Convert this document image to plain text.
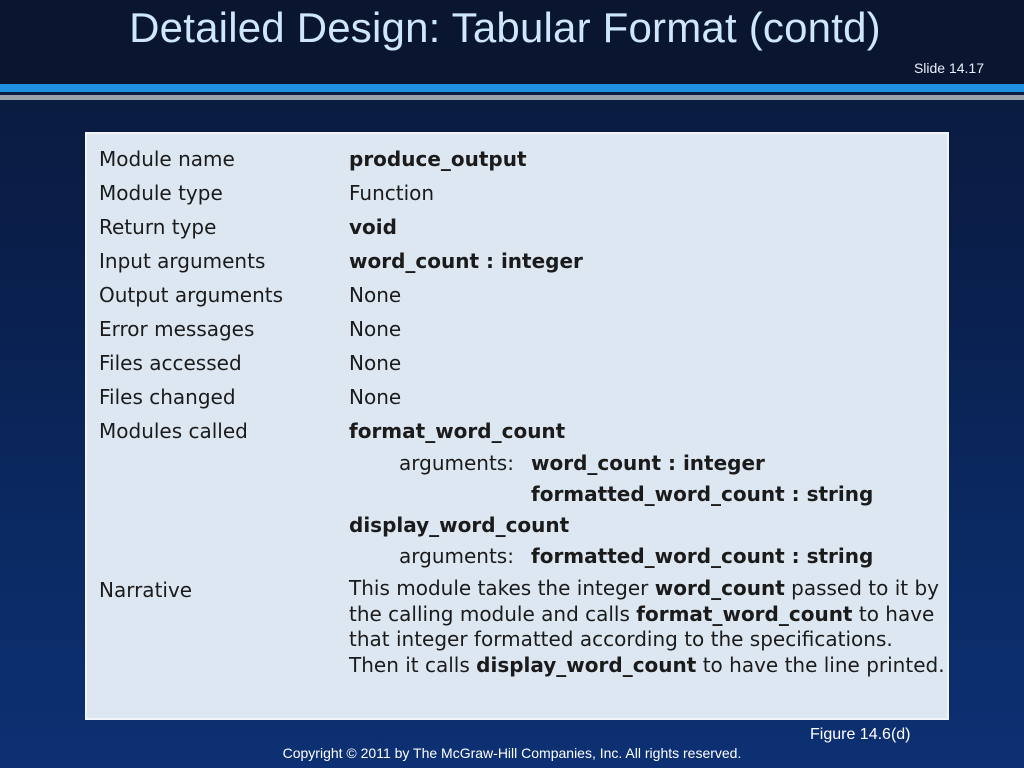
Detailed Design: Tabular Format (contd)
Slide 14.17
Module name	produce_output
Module type	Function
Return type	void
Input arguments	word_count : integer
Output arguments	None
Error messages	None
Files accessed	None
Files changed	None
Modules called	format_word_count
arguments: word_count : integer
formatted_word_count : string
display_word_count
arguments: formatted_word_count : string
Narrative	This module takes the integer word_count passed to it by the calling module and calls format_word_count to have that integer formatted according to the specifications. Then it calls display_word_count to have the line printed.
Figure 14.6(d)
Copyright © 2011 by The McGraw-Hill Companies, Inc. All rights reserved.
